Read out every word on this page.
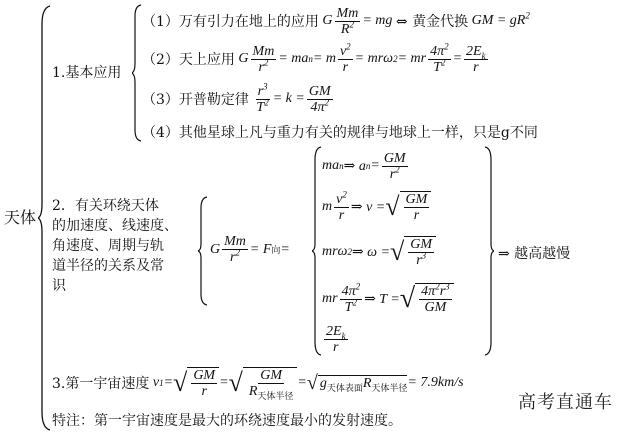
天体
1.基本应用
（1） 万有引力在地上的应用 G $\frac{Mm}{R^2}$ = mg ⇔ 黄金代换 GM = $gR^2$
（2） 天上应用 G $\frac{Mm}{r^2}$ = ma n = m $\frac{v^2}{r} = mr\omega$ 2 = mr $\frac{4\pi^2}{T^2} = \frac{2E_k}{r}$
（3） 开普勒定律
$\frac{r^3}{T^2} = k = \frac{GM}{4\pi^2}$
（4） 其他星球上凡与重力有关的规律与地球上一样，只是g不同
2．有关环绕天体
的加速度、线速度、
角速度、周期与轨
道半径的关系及常
识
G $\frac{Mm}{r^2} = F$ 向 =
ma n ⇒ a $n = \frac{GM}{r^2}$
m $\frac{v^2}{r}$ ⇒ v = √ $\frac{GM}{r}$
mrω 2 ⇒ ω = √ $\frac{GM}{r^3}$
mr $\frac{4\pi^2}{T^2}$ ⇒ T = √ $\frac{4\pi^2r^3}{GM}$
$\frac{2E_k}{r}$
⇒ 越高越慢
3.第一宇宙速度 v 1 = √ $\frac{GM}{r}$ = √ $\frac{GM}{R_{天体半径}}$ = √ $g_{天体表面}R_{天体半径} = 7.9km/s$
特注：第一宇宙速度是最大的环绕速度最小的发射速度。
高考直通车
